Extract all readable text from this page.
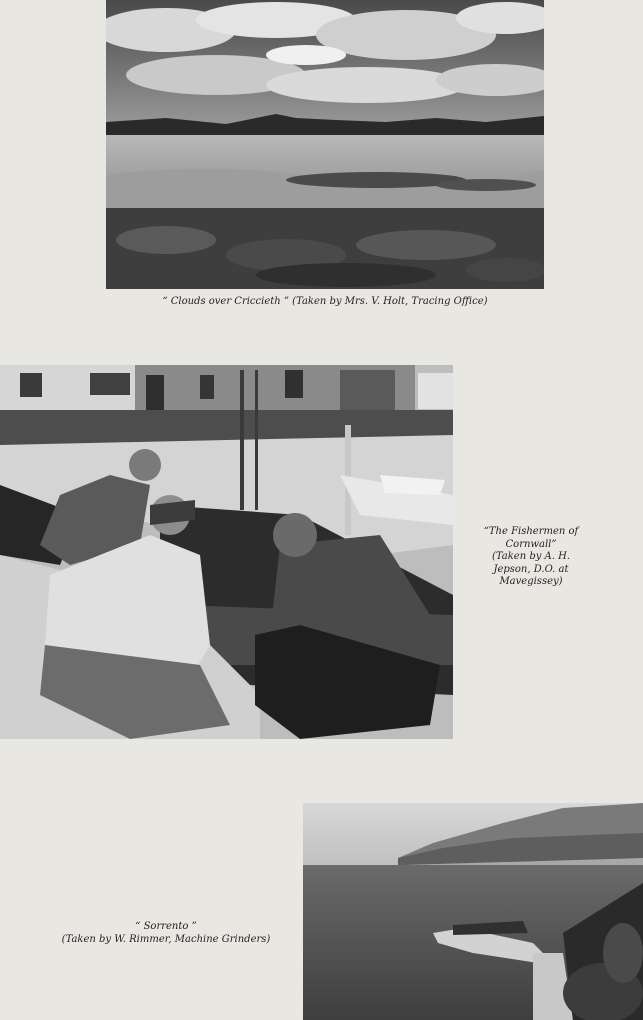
“ Clouds over Criccieth ” (Taken by Mrs. V. Holt, Tracing Office)
“The Fishermen of
Cornwall”
(Taken by A. H.
Jepson, D.O. at
Mavegissey)
“ Sorrento ”
(Taken by W. Rimmer, Machine Grinders)
